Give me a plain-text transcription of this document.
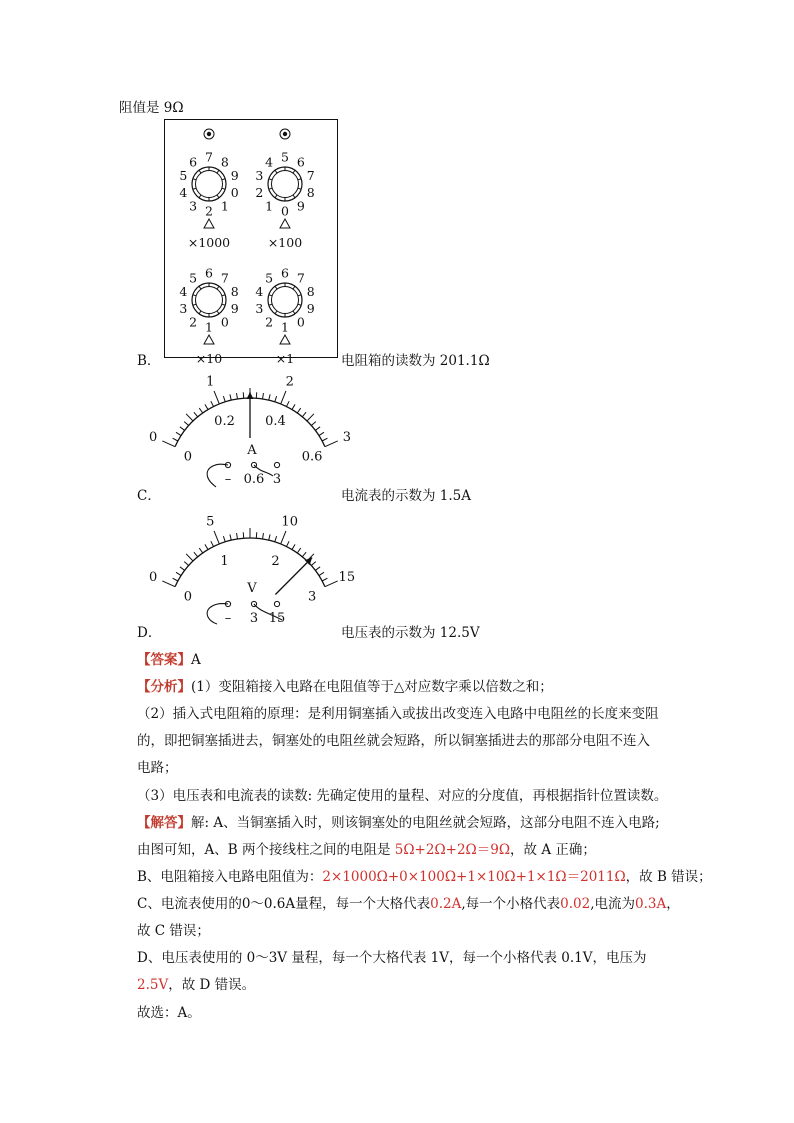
阻值是 9Ω
B．
0
1
2
3
4
5
6 7 8
9
×1000
0
1
2
3
4 5 6
7
8
9
×100
0
1
2
3
4
5 6 7
8
9
×10
0
1
2
3
4
5 6 7
8
9
×1	电阻箱的读数为 201.1Ω
C．
0
0
1
0.2
2
0.4
3
0.6
A
– 0.6 3
电流表的示数为 1.5A
D．
0
0
5
1
10
2
15
3
V
– 3 15
电压表的示数为 12.5V
【答案】A
【分析】(1）变阻箱接入电路在电阻值等于△对应数字乘以倍数之和；
（2）插入式电阻箱的原理：是利用铜塞插入或拔出改变连入电路中电阻丝的长度来变阻
的，即把铜塞插进去，铜塞处的电阻丝就会短路，所以铜塞插进去的那部分电阻不连入
电路；
（3）电压表和电流表的读数: 先确定使用的量程、对应的分度值，再根据指针位置读数。
【解答】解: A、当铜塞插入时，则该铜塞处的电阻丝就会短路，这部分电阻不连入电路;
由图可知，A、B 两个接线柱之间的电阻是 5Ω+2Ω+2Ω＝9Ω，故 A 正确；
B、电阻箱接入电路电阻值为：2×1000Ω+0×100Ω+1×10Ω+1×1Ω＝2011Ω，故 B 错误；
C、电流表使用的0～0.6A量程，每一个大格代表0.2A,每一个小格代表0.02,电流为0.3A，
故 C 错误；
D、电压表使用的 0～3V 量程，每一个大格代表 1V，每一个小格代表 0.1V，电压为
2.5V，故 D 错误。
故选：A。
